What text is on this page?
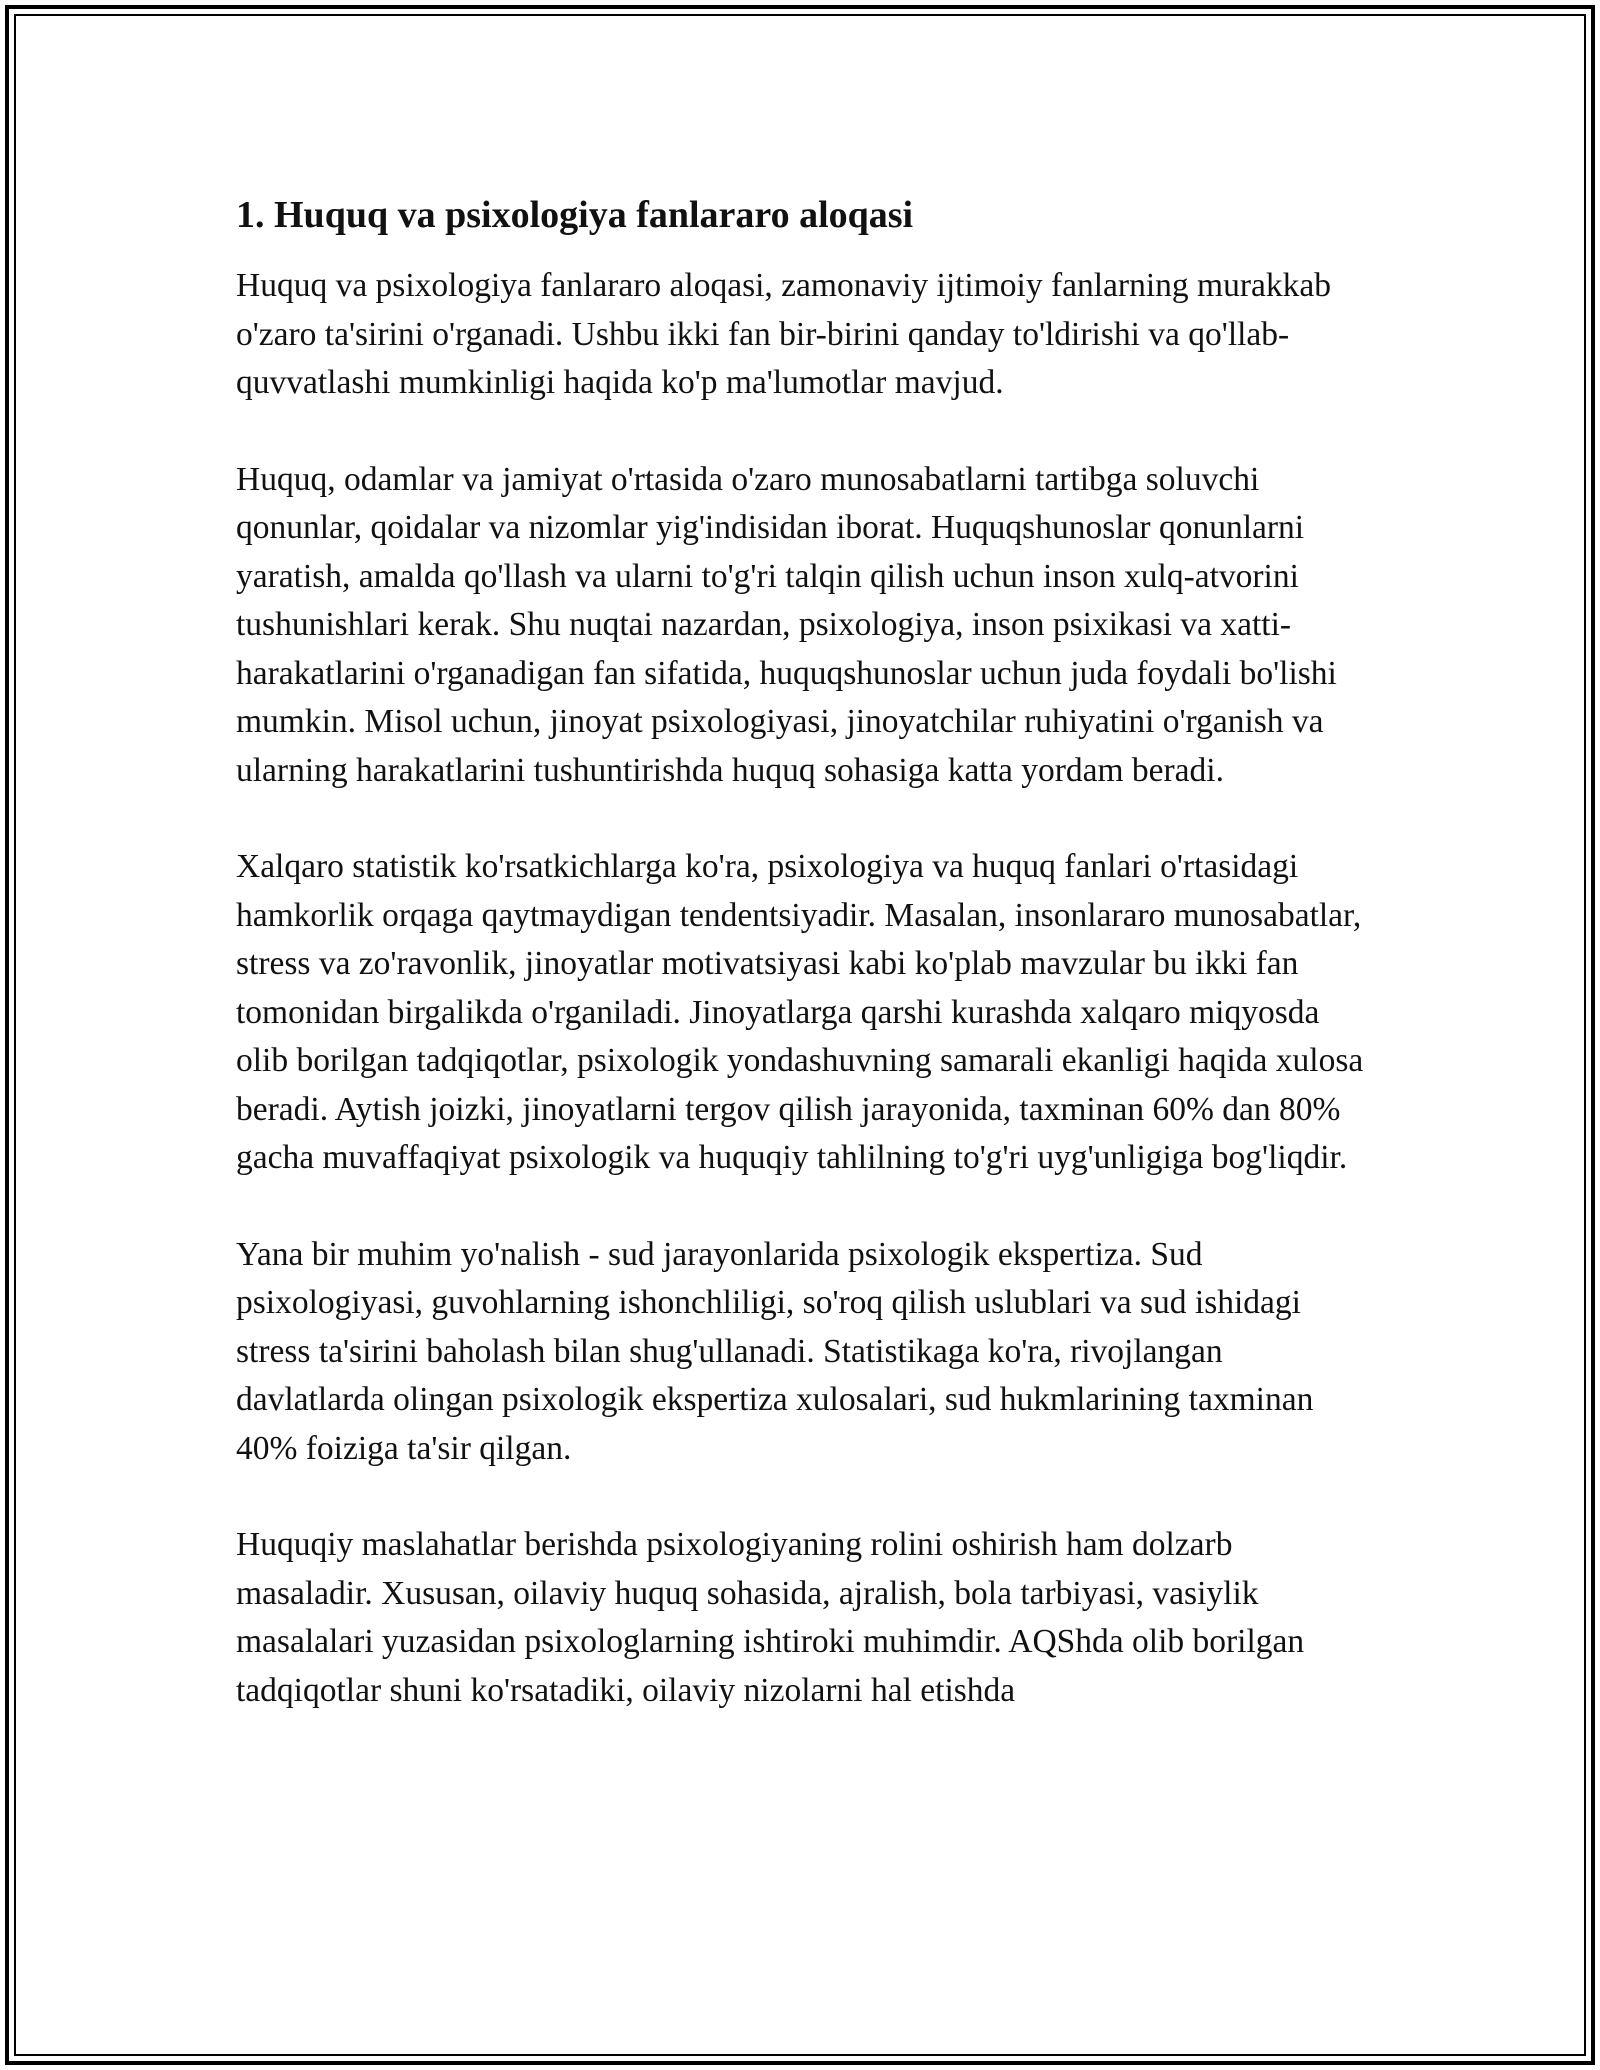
1. Huquq va psixologiya fanlararo aloqasi

Huquq va psixologiya fanlararo aloqasi, zamonaviy ijtimoiy fanlarning murakkab o'zaro ta'sirini o'rganadi. Ushbu ikki fan bir-birini qanday to'ldirishi va qo'llab-quvvatlashi mumkinligi haqida ko'p ma'lumotlar mavjud.

Huquq, odamlar va jamiyat o'rtasida o'zaro munosabatlarni tartibga soluvchi qonunlar, qoidalar va nizomlar yig'indisidan iborat. Huquqshunoslar qonunlarni yaratish, amalda qo'llash va ularni to'g'ri talqin qilish uchun inson xulq-atvorini tushunishlari kerak. Shu nuqtai nazardan, psixologiya, inson psixikasi va xatti-harakatlarini o'rganadigan fan sifatida, huquqshunoslar uchun juda foydali bo'lishi mumkin. Misol uchun, jinoyat psixologiyasi, jinoyatchilar ruhiyatini o'rganish va ularning harakatlarini tushuntirishda huquq sohasiga katta yordam beradi.

Xalqaro statistik ko'rsatkichlarga ko'ra, psixologiya va huquq fanlari o'rtasidagi hamkorlik orqaga qaytmaydigan tendentsiyadir. Masalan, insonlararo munosabatlar, stress va zo'ravonlik, jinoyatlar motivatsiyasi kabi ko'plab mavzular bu ikki fan tomonidan birgalikda o'rganiladi. Jinoyatlarga qarshi kurashda xalqaro miqyosda olib borilgan tadqiqotlar, psixologik yondashuvning samarali ekanligi haqida xulosa beradi. Aytish joizki, jinoyatlarni tergov qilish jarayonida, taxminan 60% dan 80% gacha muvaffaqiyat psixologik va huquqiy tahlilning to'g'ri uyg'unligiga bog'liqdir.

Yana bir muhim yo'nalish - sud jarayonlarida psixologik ekspertiza. Sud psixologiyasi, guvohlarning ishonchliligi, so'roq qilish uslublari va sud ishidagi stress ta'sirini baholash bilan shug'ullanadi. Statistikaga ko'ra, rivojlangan davlatlarda olingan psixologik ekspertiza xulosalari, sud hukmlarining taxminan 40% foiziga ta'sir qilgan.

Huquqiy maslahatlar berishda psixologiyaning rolini oshirish ham dolzarb masaladir. Xususan, oilaviy huquq sohasida, ajralish, bola tarbiyasi, vasiylik masalalari yuzasidan psixologlarning ishtiroki muhimdir. AQShda olib borilgan tadqiqotlar shuni ko'rsatadiki, oilaviy nizolarni hal etishda
